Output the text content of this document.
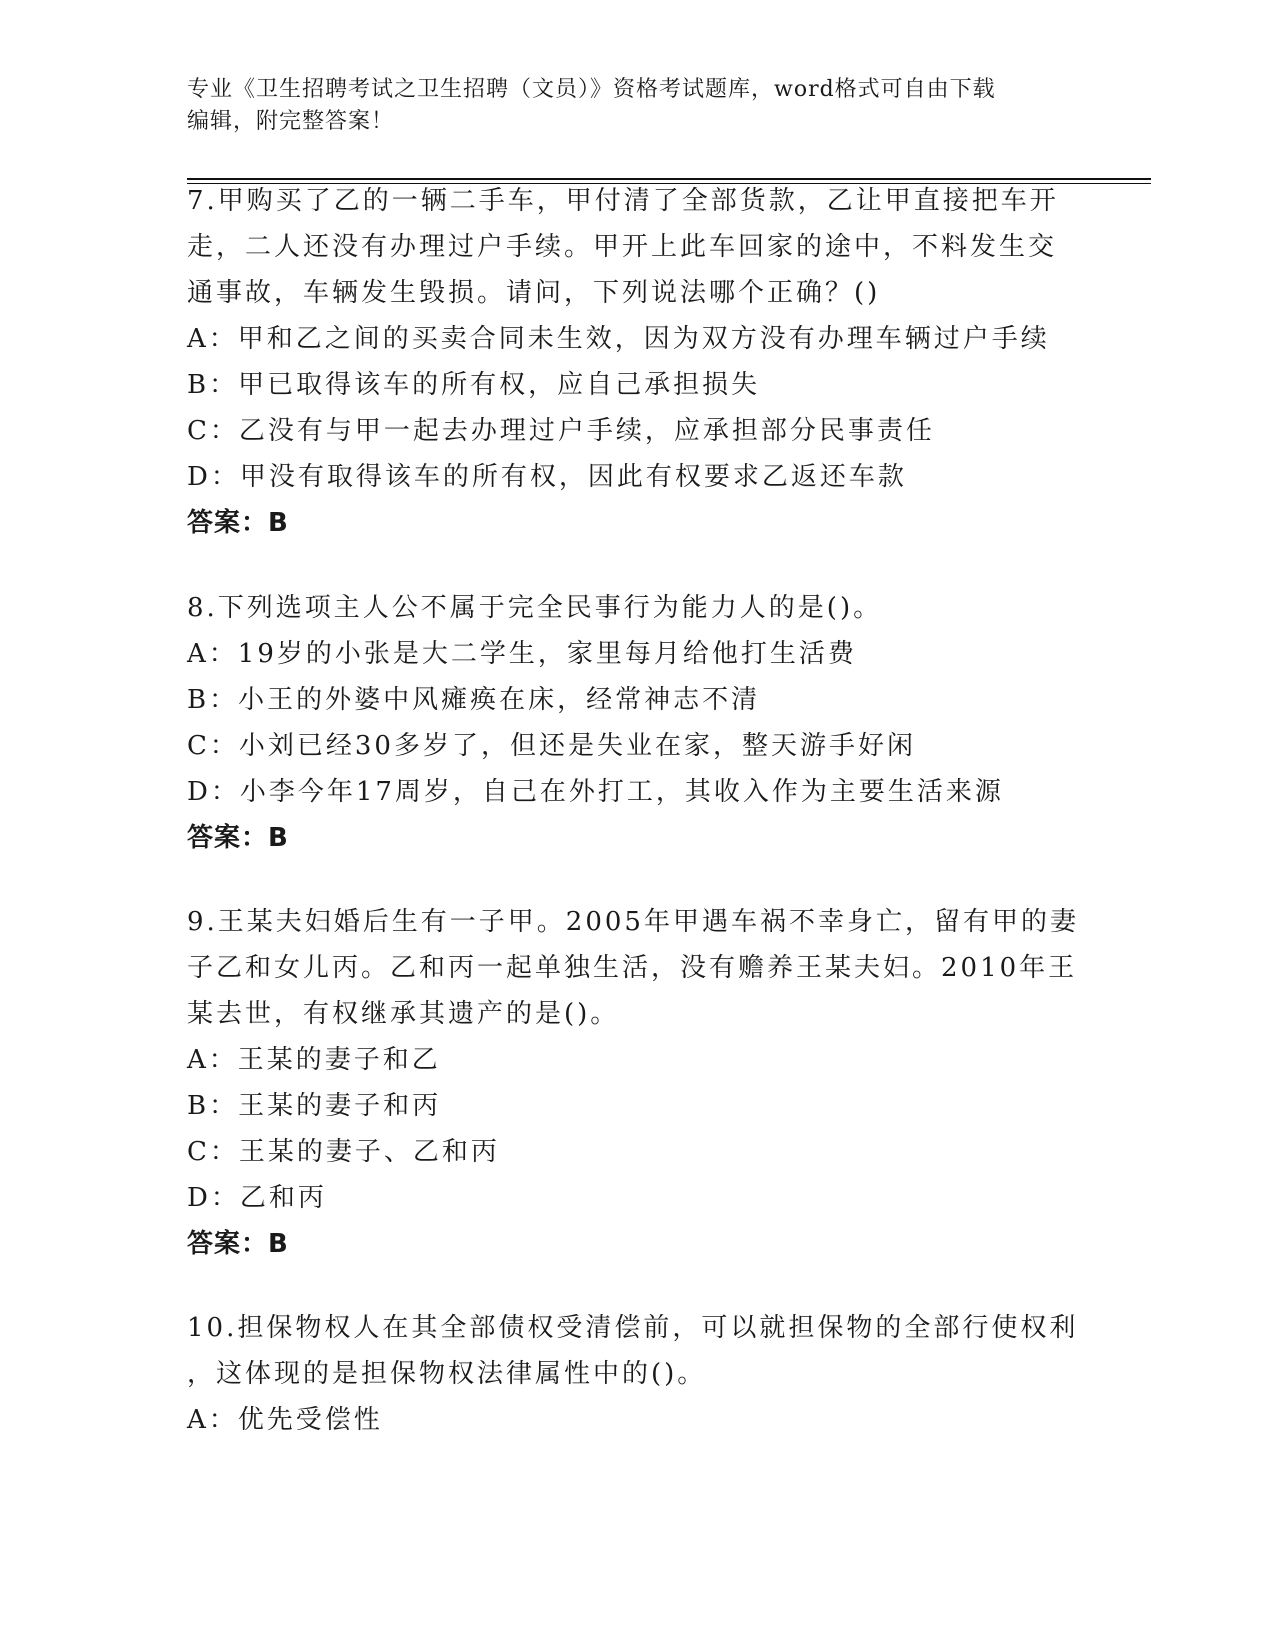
专业《卫生招聘考试之卫生招聘（文员）》资格考试题库，word格式可自由下载
编辑，附完整答案！
7.甲购买了乙的一辆二手车，甲付清了全部货款，乙让甲直接把车开
走，二人还没有办理过户手续。甲开上此车回家的途中，不料发生交
通事故，车辆发生毁损。请问，下列说法哪个正确？()
A：甲和乙之间的买卖合同未生效，因为双方没有办理车辆过户手续
B：甲已取得该车的所有权，应自己承担损失
C：乙没有与甲一起去办理过户手续，应承担部分民事责任
D：甲没有取得该车的所有权，因此有权要求乙返还车款
答案：B
8.下列选项主人公不属于完全民事行为能力人的是()。
A：19岁的小张是大二学生，家里每月给他打生活费
B：小王的外婆中风瘫痪在床，经常神志不清
C：小刘已经30多岁了，但还是失业在家，整天游手好闲
D：小李今年17周岁，自己在外打工，其收入作为主要生活来源
答案：B
9.王某夫妇婚后生有一子甲。2005年甲遇车祸不幸身亡，留有甲的妻
子乙和女儿丙。乙和丙一起单独生活，没有赡养王某夫妇。2010年王
某去世，有权继承其遗产的是()。
A：王某的妻子和乙
B：王某的妻子和丙
C：王某的妻子、乙和丙
D：乙和丙
答案：B
10.担保物权人在其全部债权受清偿前，可以就担保物的全部行使权利
，这体现的是担保物权法律属性中的()。
A：优先受偿性
